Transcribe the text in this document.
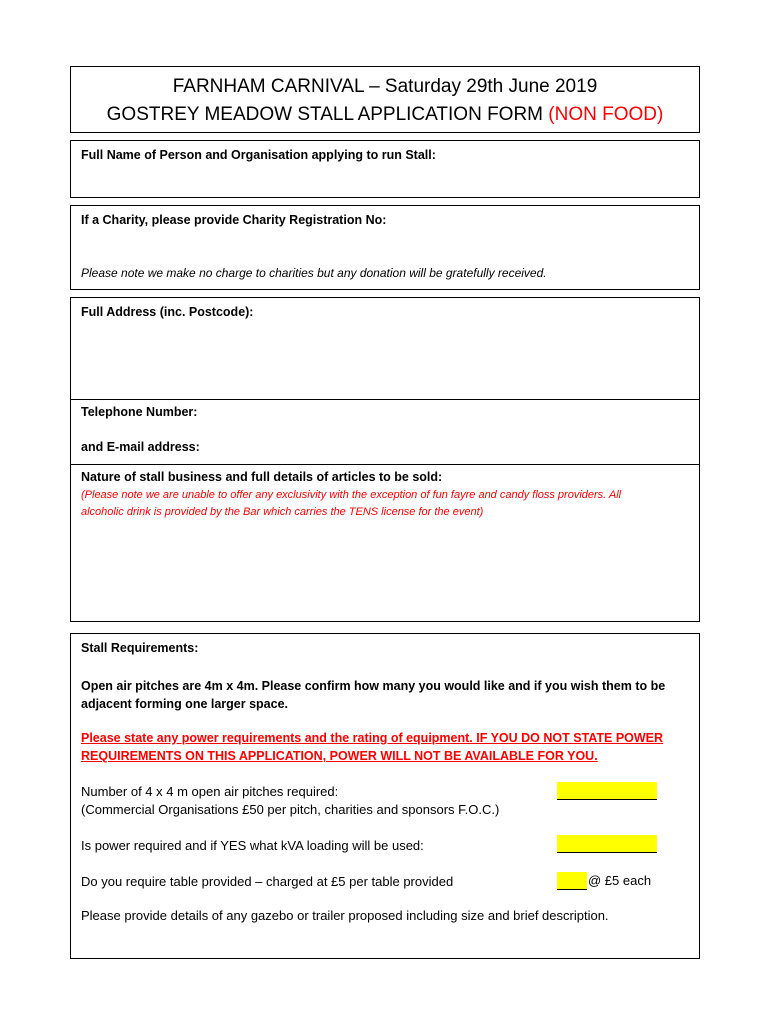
FARNHAM CARNIVAL – Saturday 29th June 2019
GOSTREY MEADOW STALL APPLICATION FORM (NON FOOD)
Full Name of Person and Organisation applying to run Stall:
If a Charity, please provide Charity Registration No:
Please note we make no charge to charities but any donation will be gratefully received.
Full Address (inc. Postcode):
Telephone Number:
and E-mail address:
Nature of stall business and full details of articles to be sold:
(Please note we are unable to offer any exclusivity with the exception of fun fayre and candy floss providers. All alcoholic drink is provided by the Bar which carries the TENS license for the event)
Stall Requirements:
Open air pitches are 4m x 4m. Please confirm how many you would like and if you wish them to be adjacent forming one larger space.
Please state any power requirements and the rating of equipment. IF YOU DO NOT STATE POWER REQUIREMENTS ON THIS APPLICATION, POWER WILL NOT BE AVAILABLE FOR YOU.
Number of 4 x 4 m open air pitches required:
(Commercial Organisations £50 per pitch, charities and sponsors F.O.C.)
Is power required and if YES what kVA loading will be used:
Do you require table provided – charged at £5 per table provided	@ £5 each
Please provide details of any gazebo or trailer proposed including size and brief description.
